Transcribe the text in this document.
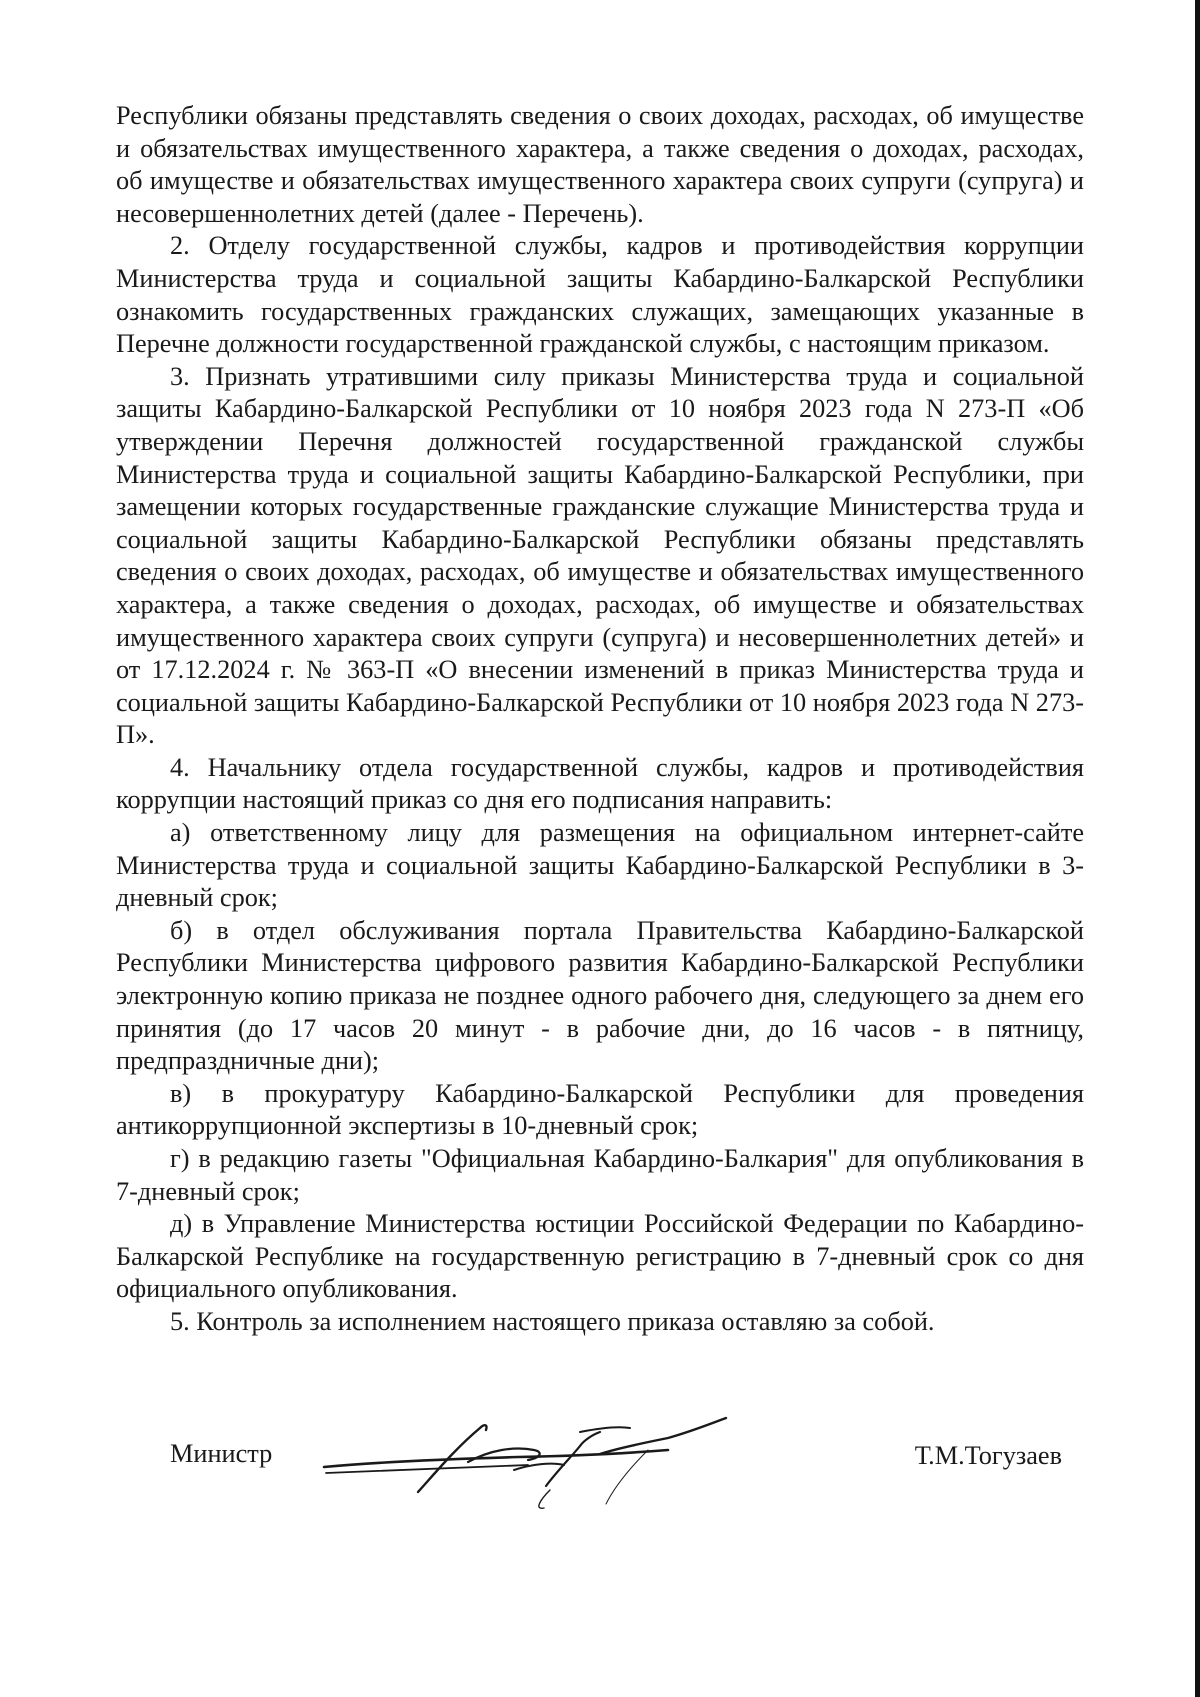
Республики обязаны представлять сведения о своих доходах, расходах, об имуществе и обязательствах имущественного характера, а также сведения о доходах, расходах, об имуществе и обязательствах имущественного характера своих супруги (супруга) и несовершеннолетних детей (далее - Перечень).

2. Отделу государственной службы, кадров и противодействия коррупции Министерства труда и социальной защиты Кабардино-Балкарской Республики ознакомить государственных гражданских служащих, замещающих указанные в Перечне должности государственной гражданской службы, с настоящим приказом.

3. Признать утратившими силу приказы Министерства труда и социальной защиты Кабардино-Балкарской Республики от 10 ноября 2023 года N 273-П «Об утверждении Перечня должностей государственной гражданской службы Министерства труда и социальной защиты Кабардино-Балкарской Республики, при замещении которых государственные гражданские служащие Министерства труда и социальной защиты Кабардино-Балкарской Республики обязаны представлять сведения о своих доходах, расходах, об имуществе и обязательствах имущественного характера, а также сведения о доходах, расходах, об имуществе и обязательствах имущественного характера своих супруги (супруга) и несовершеннолетних детей» и от 17.12.2024 г. № 363-П «О внесении изменений в приказ Министерства труда и социальной защиты Кабардино-Балкарской Республики от 10 ноября 2023 года N 273-П».

4. Начальнику отдела государственной службы, кадров и противодействия коррупции настоящий приказ со дня его подписания направить:

а) ответственному лицу для размещения на официальном интернет-сайте Министерства труда и социальной защиты Кабардино-Балкарской Республики в 3-дневный срок;

б) в отдел обслуживания портала Правительства Кабардино-Балкарской Республики Министерства цифрового развития Кабардино-Балкарской Республики электронную копию приказа не позднее одного рабочего дня, следующего за днем его принятия (до 17 часов 20 минут - в рабочие дни, до 16 часов - в пятницу, предпраздничные дни);

в) в прокуратуру Кабардино-Балкарской Республики для проведения антикоррупционной экспертизы в 10-дневный срок;

г) в редакцию газеты "Официальная Кабардино-Балкария" для опубликования в 7-дневный срок;

д) в Управление Министерства юстиции Российской Федерации по Кабардино-Балкарской Республике на государственную регистрацию в 7-дневный срок со дня официального опубликования.

5. Контроль за исполнением настоящего приказа оставляю за собой.

Министр	Т.М.Тогузаев
